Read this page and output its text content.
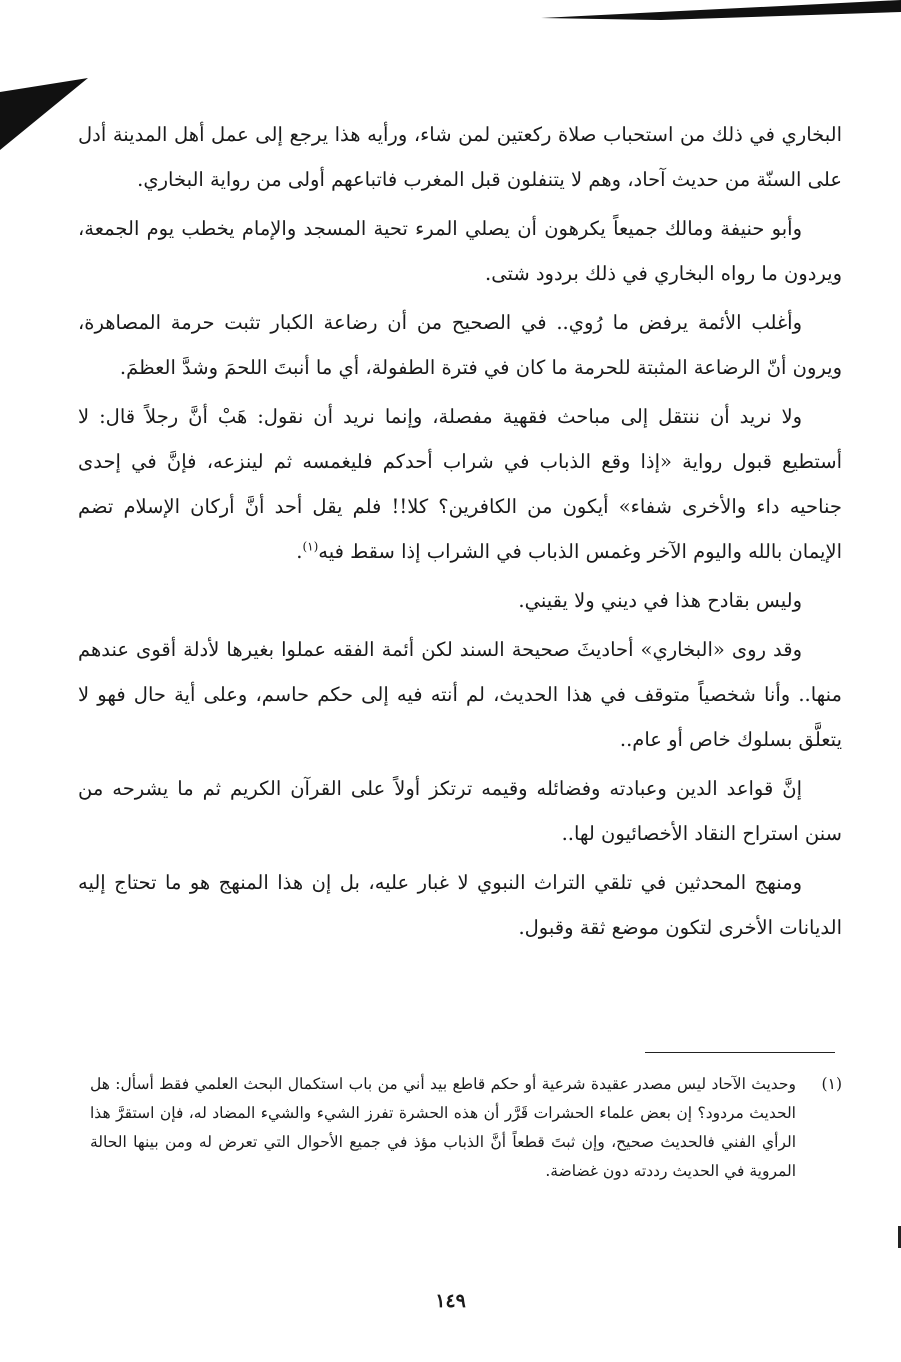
البخاري في ذلك من استحباب صلاة ركعتين لمن شاء، ورأيه هذا يرجع إلى عمل أهل المدينة أدل على السنّة من حديث آحاد، وهم لا يتنفلون قبل المغرب فاتباعهم أولى من رواية البخاري.

وأبو حنيفة ومالك جميعاً يكرهون أن يصلي المرء تحية المسجد والإمام يخطب يوم الجمعة، ويردون ما رواه البخاري في ذلك بردود شتى.

وأغلب الأئمة يرفض ما رُوي.. في الصحيح من أن رضاعة الكبار تثبت حرمة المصاهرة، ويرون أنّ الرضاعة المثبتة للحرمة ما كان في فترة الطفولة، أي ما أنبتَ اللحمَ وشدَّ العظمَ.

ولا نريد أن ننتقل إلى مباحث فقهية مفصلة، وإنما نريد أن نقول: هَبْ أنَّ رجلاً قال: لا أستطيع قبول رواية «إذا وقع الذباب في شراب أحدكم فليغمسه ثم لينزعه، فإنَّ في إحدى جناحيه داء والأخرى شفاء» أيكون من الكافرين؟ كلا!! فلم يقل أحد أنَّ أركان الإسلام تضم الإيمان بالله واليوم الآخر وغمس الذباب في الشراب إذا سقط فيه$^{(١)}$.

وليس بقادح هذا في ديني ولا يقيني.

وقد روى «البخاري» أحاديثَ صحيحة السند لكن أئمة الفقه عملوا بغيرها لأدلة أقوى عندهم منها.. وأنا شخصياً متوقف في هذا الحديث، لم أنته فيه إلى حكم حاسم، وعلى أية حال فهو لا يتعلَّق بسلوك خاص أو عام..

إنَّ قواعد الدين وعبادته وفضائله وقيمه ترتكز أولاً على القرآن الكريم ثم ما يشرحه من سنن استراح النقاد الأخصائيون لها..

ومنهج المحدثين في تلقي التراث النبوي لا غبار عليه، بل إن هذا المنهج هو ما تحتاج إليه الديانات الأخرى لتكون موضع ثقة وقبول.

(١)
وحديث الآحاد ليس مصدر عقيدة شرعية أو حكم قاطع بيد أني من باب استكمال البحث العلمي فقط أسأل: هل الحديث مردود؟ إن بعض علماء الحشرات قَرَّر أن هذه الحشرة تفرز الشيء والشيء المضاد له، فإن استقرَّ هذا الرأي الفني فالحديث صحيح، وإن ثبتَ قطعاً أنَّ الذباب مؤذ في جميع الأحوال التي تعرض له ومن بينها الحالة المروية في الحديث رددته دون غضاضة.
١٤٩
